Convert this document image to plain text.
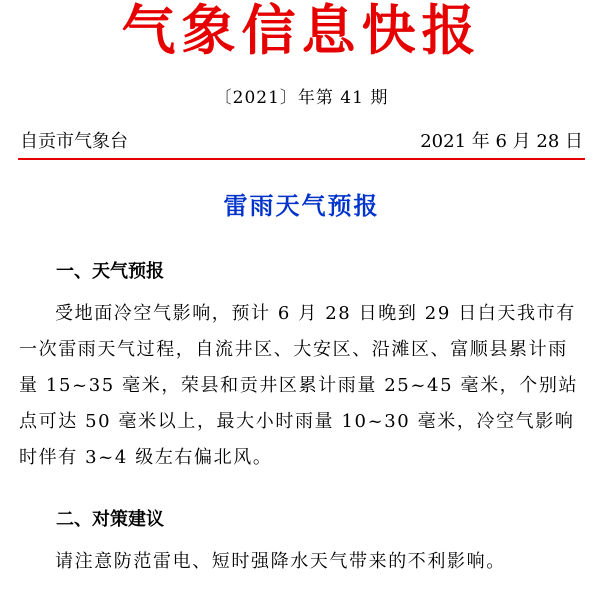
气象信息快报
〔2021〕年第 41 期
自贡市气象台	2021 年 6 月 28 日
雷雨天气预报
一、天气预报
受地面冷空气影响，预计 6 月 28 日晚到 29 日白天我市有一次雷雨天气过程，自流井区、大安区、沿滩区、富顺县累计雨量 15~35 毫米，荣县和贡井区累计雨量 25~45 毫米，个别站点可达 50 毫米以上，最大小时雨量 10~30 毫米，冷空气影响时伴有 3~4 级左右偏北风。
二、对策建议
请注意防范雷电、短时强降水天气带来的不利影响。
